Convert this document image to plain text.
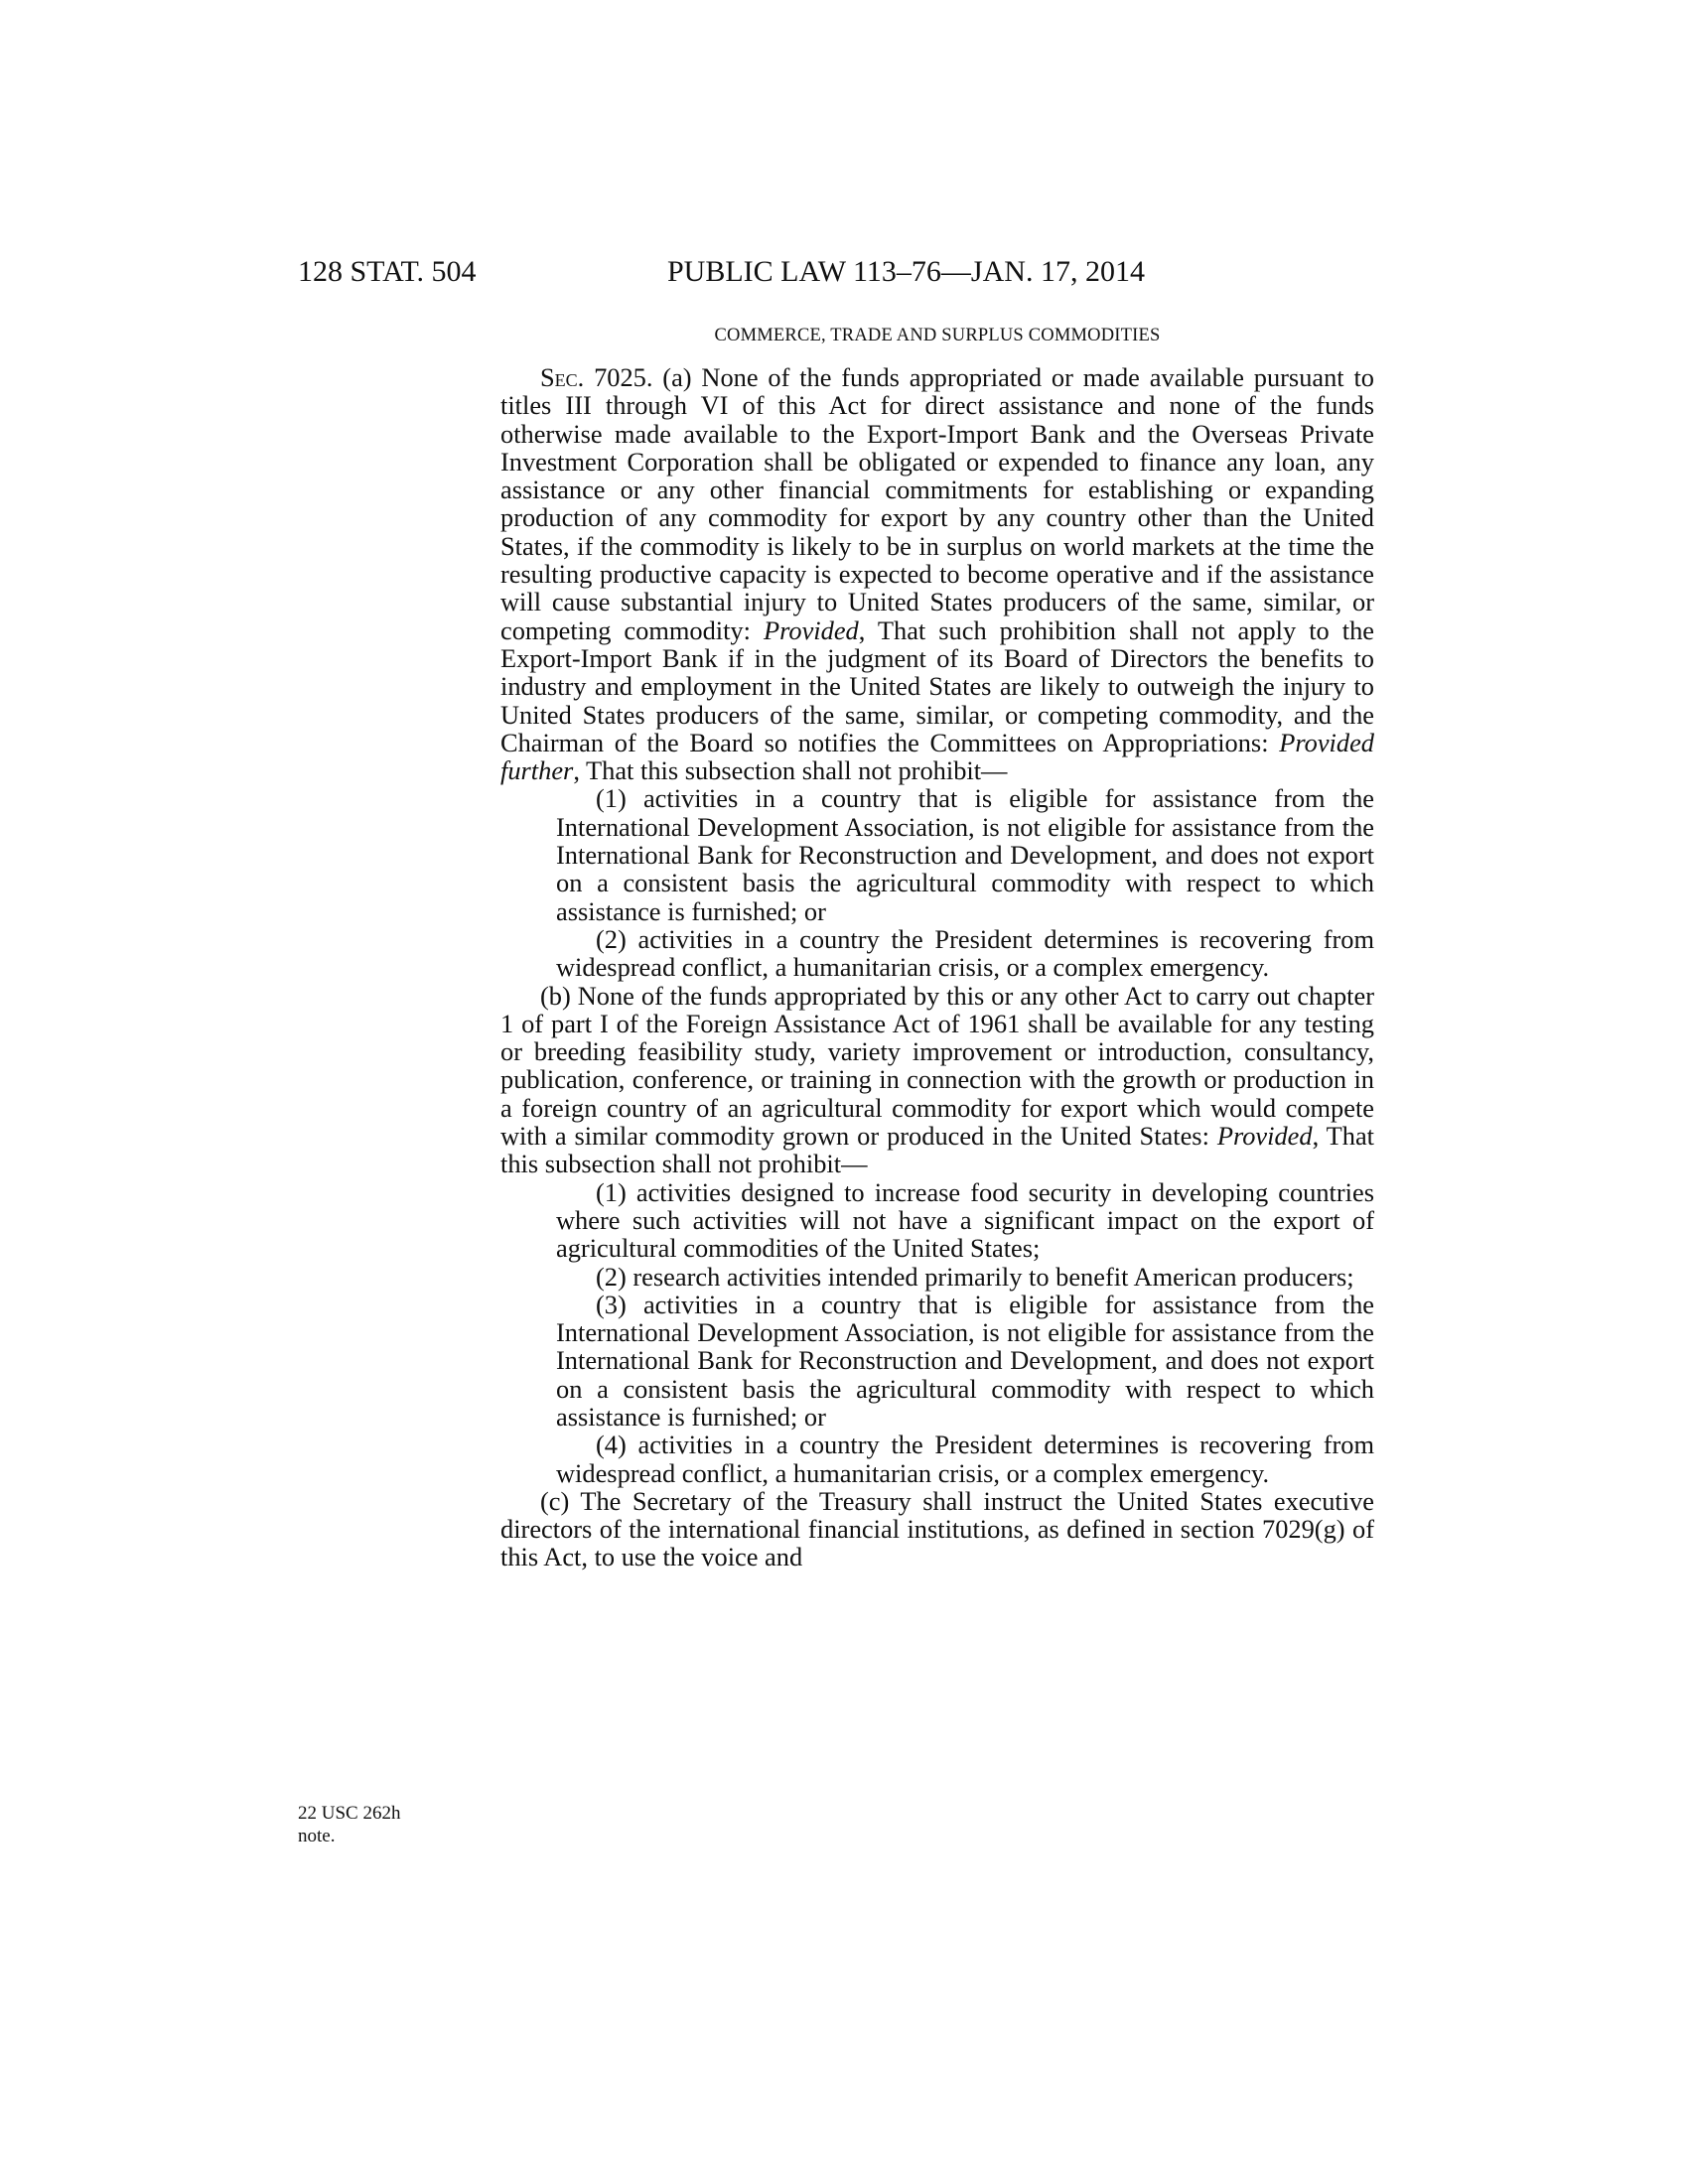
128 STAT. 504	PUBLIC LAW 113–76—JAN. 17, 2014
COMMERCE, TRADE AND SURPLUS COMMODITIES

Sec. 7025. (a) None of the funds appropriated or made available pursuant to titles III through VI of this Act for direct assistance and none of the funds otherwise made available to the Export-Import Bank and the Overseas Private Investment Corporation shall be obligated or expended to finance any loan, any assistance or any other financial commitments for establishing or expanding production of any commodity for export by any country other than the United States, if the commodity is likely to be in surplus on world markets at the time the resulting productive capacity is expected to become operative and if the assistance will cause substantial injury to United States producers of the same, similar, or competing commodity: Provided, That such prohibition shall not apply to the Export-Import Bank if in the judgment of its Board of Directors the benefits to industry and employment in the United States are likely to outweigh the injury to United States producers of the same, similar, or competing commodity, and the Chairman of the Board so notifies the Committees on Appropriations: Provided further, That this subsection shall not prohibit—

(1) activities in a country that is eligible for assistance from the International Development Association, is not eligible for assistance from the International Bank for Reconstruction and Development, and does not export on a consistent basis the agricultural commodity with respect to which assistance is furnished; or

(2) activities in a country the President determines is recovering from widespread conflict, a humanitarian crisis, or a complex emergency.

(b) None of the funds appropriated by this or any other Act to carry out chapter 1 of part I of the Foreign Assistance Act of 1961 shall be available for any testing or breeding feasibility study, variety improvement or introduction, consultancy, publication, conference, or training in connection with the growth or production in a foreign country of an agricultural commodity for export which would compete with a similar commodity grown or produced in the United States: Provided, That this subsection shall not prohibit—

(1) activities designed to increase food security in developing countries where such activities will not have a significant impact on the export of agricultural commodities of the United States;

(2) research activities intended primarily to benefit American producers;

(3) activities in a country that is eligible for assistance from the International Development Association, is not eligible for assistance from the International Bank for Reconstruction and Development, and does not export on a consistent basis the agricultural commodity with respect to which assistance is furnished; or

(4) activities in a country the President determines is recovering from widespread conflict, a humanitarian crisis, or a complex emergency.

(c) The Secretary of the Treasury shall instruct the United States executive directors of the international financial institutions, as defined in section 7029(g) of this Act, to use the voice and

22 USC 262h
note.
